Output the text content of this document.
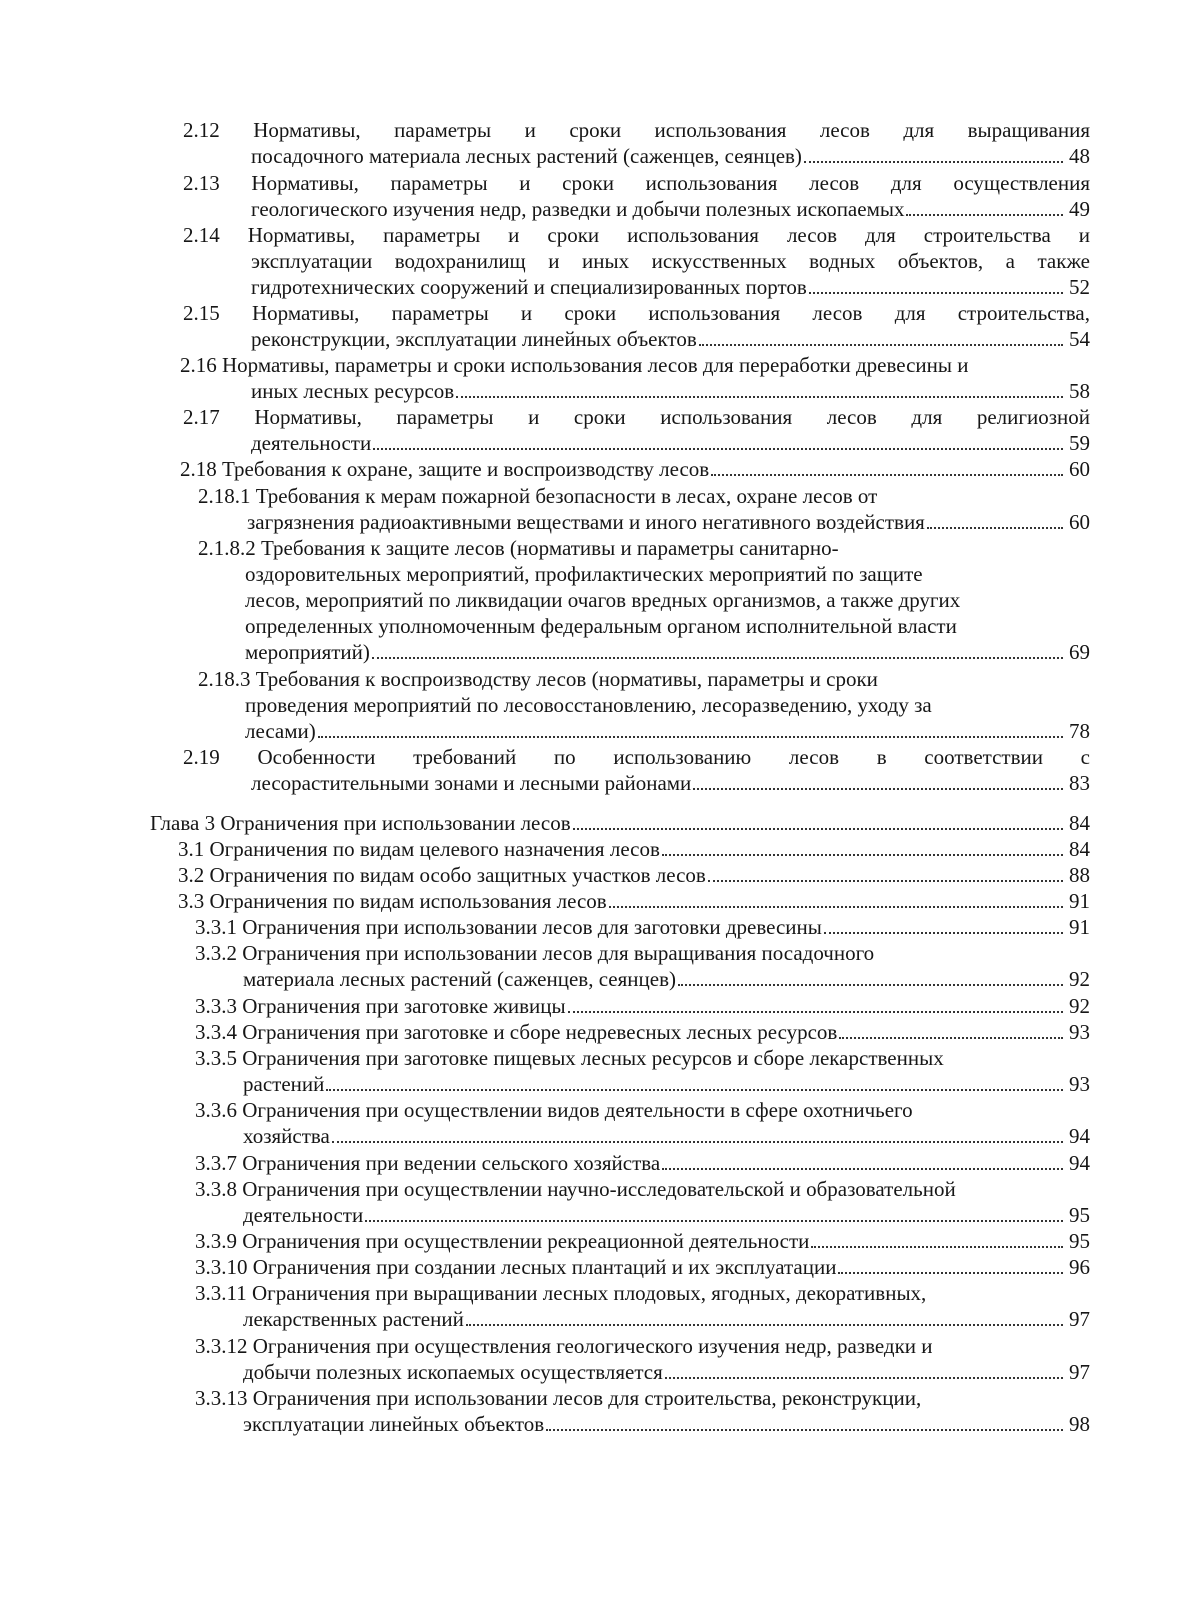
2.12 Нормативы, параметры и сроки использования лесов для выращивания
посадочного материала лесных растений (саженцев, сеянцев)	48
2.13 Нормативы, параметры и сроки использования лесов для осуществления
геологического изучения недр, разведки и добычи полезных ископаемых	49
2.14 Нормативы, параметры и сроки использования лесов для строительства и
эксплуатации водохранилищ и иных искусственных водных объектов, а также
гидротехнических сооружений и специализированных портов	52
2.15 Нормативы, параметры и сроки использования лесов для строительства,
реконструкции, эксплуатации линейных объектов	54
2.16 Нормативы, параметры и сроки использования лесов для переработки древесины и
иных лесных ресурсов	58
2.17 Нормативы, параметры и сроки использования лесов для религиозной
деятельности	59
2.18 Требования к охране, защите и воспроизводству лесов	60
2.18.1 Требования к мерам пожарной безопасности в лесах, охране лесов от
загрязнения радиоактивными веществами и иного негативного воздействия	60
2.1.8.2 Требования к защите лесов (нормативы и параметры санитарно-
оздоровительных мероприятий, профилактических мероприятий по защите
лесов, мероприятий по ликвидации очагов вредных организмов, а также других
определенных уполномоченным федеральным органом исполнительной власти
мероприятий)	69
2.18.3 Требования к воспроизводству лесов (нормативы, параметры и сроки
проведения мероприятий по лесовосстановлению, лесоразведению, уходу за
лесами)	78
2.19 Особенности требований по использованию лесов в соответствии с
лесорастительными зонами и лесными районами	83
Глава 3 Ограничения при использовании лесов	84
3.1 Ограничения по видам целевого назначения лесов	84
3.2 Ограничения по видам особо защитных участков лесов	88
3.3 Ограничения по видам использования лесов	91
3.3.1 Ограничения при использовании лесов для заготовки древесины	91
3.3.2 Ограничения при использовании лесов для выращивания посадочного
материала лесных растений (саженцев, сеянцев)	92
3.3.3 Ограничения при заготовке живицы	92
3.3.4 Ограничения при заготовке и сборе недревесных лесных ресурсов	93
3.3.5 Ограничения при заготовке пищевых лесных ресурсов и сборе лекарственных
растений	93
3.3.6 Ограничения при осуществлении видов деятельности в сфере охотничьего
хозяйства	94
3.3.7 Ограничения при ведении сельского хозяйства	94
3.3.8 Ограничения при осуществлении научно-исследовательской и образовательной
деятельности	95
3.3.9 Ограничения при осуществлении рекреационной деятельности	95
3.3.10 Ограничения при создании лесных плантаций и их эксплуатации	96
3.3.11 Ограничения при выращивании лесных плодовых, ягодных, декоративных,
лекарственных растений	97
3.3.12 Ограничения при осуществления геологического изучения недр, разведки и
добычи полезных ископаемых осуществляется	97
3.3.13 Ограничения при использовании лесов для строительства, реконструкции,
эксплуатации линейных объектов	98
